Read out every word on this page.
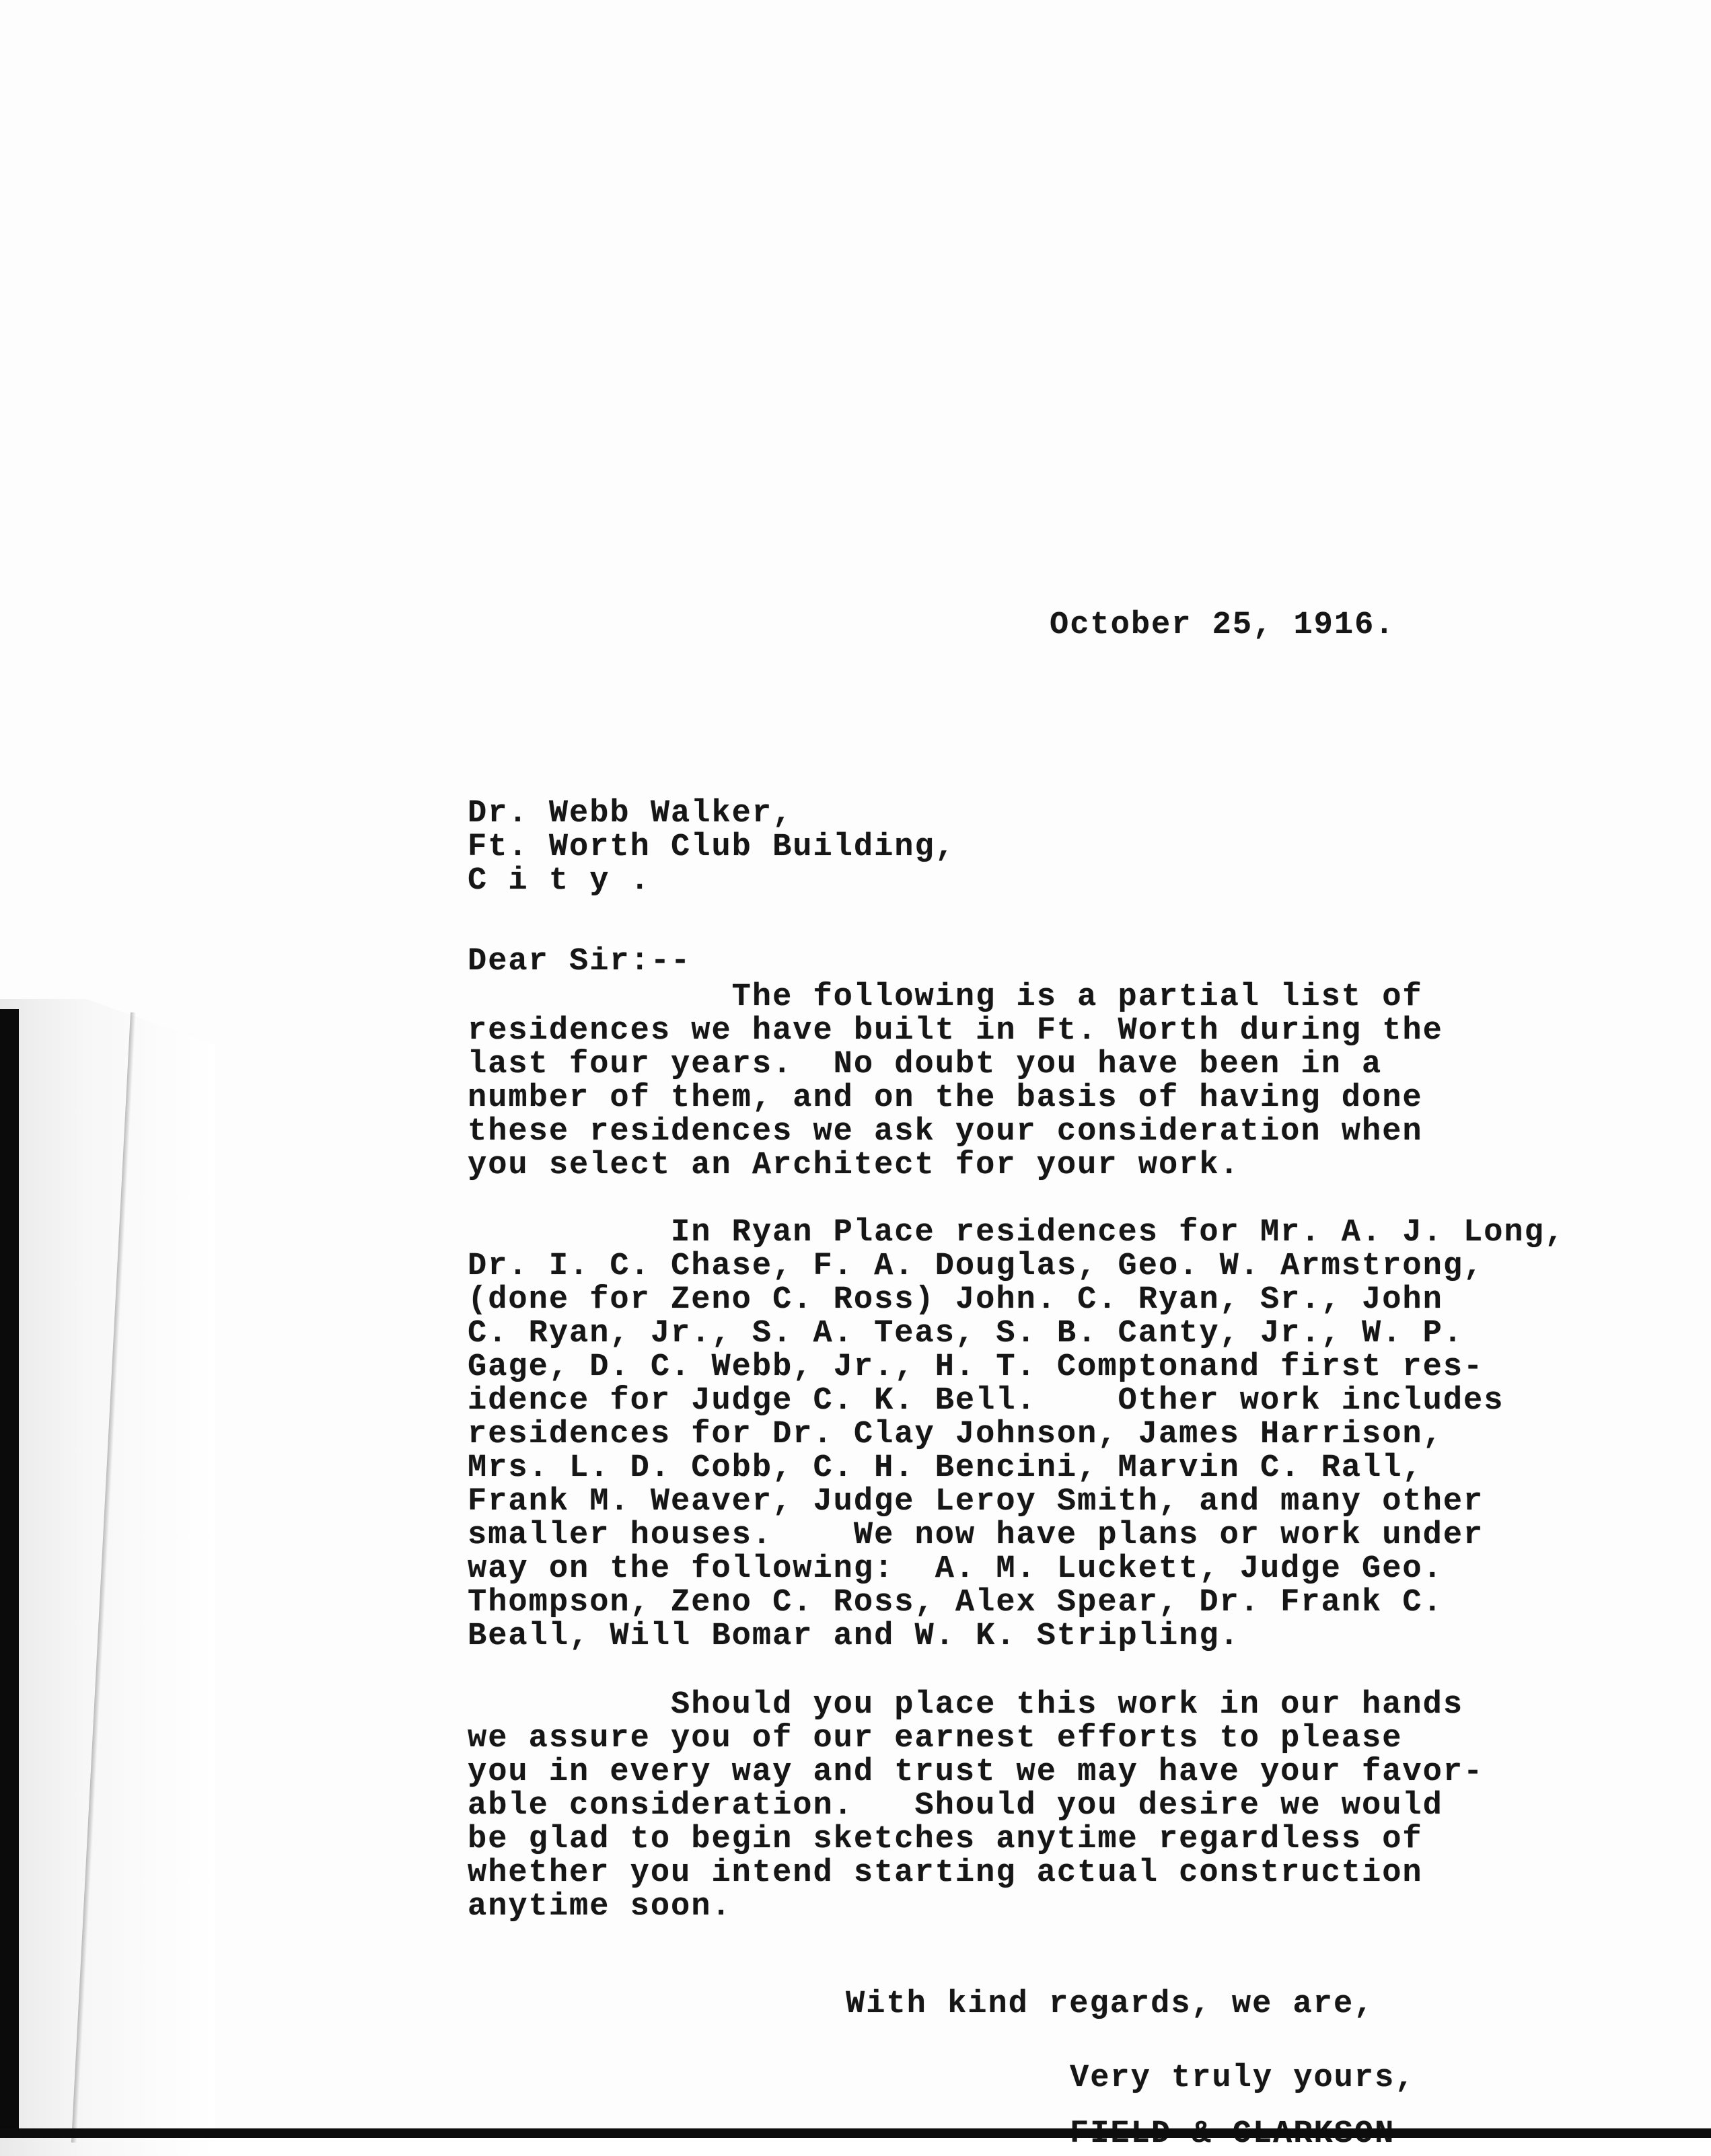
October 25, 1916.

Dr. Webb Walker,

Ft. Worth Club Building,

C i t y .

Dear Sir:--

The following is a partial list of

residences we have built in Ft. Worth during the

last four years.  No doubt you have been in a

number of them, and on the basis of having done

these residences we ask your consideration when

you select an Architect for your work.

In Ryan Place residences for Mr. A. J. Long,

Dr. I. C. Chase, F. A. Douglas, Geo. W. Armstrong,

(done for Zeno C. Ross) John. C. Ryan, Sr., John

C. Ryan, Jr., S. A. Teas, S. B. Canty, Jr., W. P.

Gage, D. C. Webb, Jr., H. T. Comptonand first res-

idence for Judge C. K. Bell.    Other work includes

residences for Dr. Clay Johnson, James Harrison,

Mrs. L. D. Cobb, C. H. Bencini, Marvin C. Rall,

Frank M. Weaver, Judge Leroy Smith, and many other

smaller houses.    We now have plans or work under

way on the following:  A. M. Luckett, Judge Geo.

Thompson, Zeno C. Ross, Alex Spear, Dr. Frank C.

Beall, Will Bomar and W. K. Stripling.

Should you place this work in our hands

we assure you of our earnest efforts to please

you in every way and trust we may have your favor-

able consideration.   Should you desire we would

be glad to begin sketches anytime regardless of

whether you intend starting actual construction

anytime soon.

With kind regards, we are,

Very truly yours,
